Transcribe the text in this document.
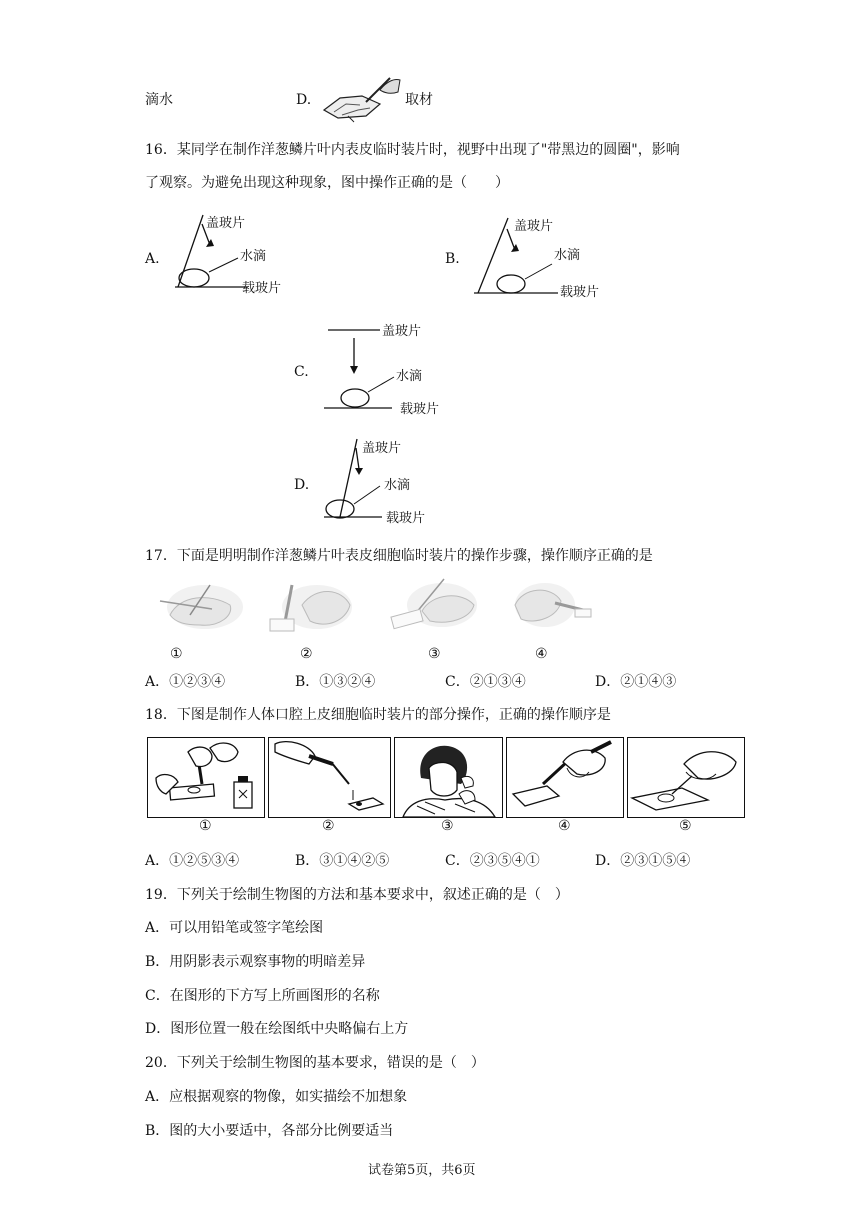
滴水	D.	取材
16．某同学在制作洋葱鳞片叶内表皮临时装片时，视野中出现了"带黑边的圆圈"，影响
了观察。为避免出现这种现象，图中操作正确的是（　　）
A.
盖玻片
水滴
载玻片
B.
盖玻片
水滴
载玻片
C.
盖玻片
水滴
载玻片
D.
盖玻片
水滴
载玻片
17．下面是明明制作洋葱鳞片叶表皮细胞临时装片的操作步骤，操作顺序正确的是
①	②	③	④
A．①②③④	B．①③②④	C．②①③④	D．②①④③
18．下图是制作人体口腔上皮细胞临时装片的部分操作，正确的操作顺序是
①	②	③	④	⑤
A．①②⑤③④	B．③①④②⑤	C．②③⑤④①	D．②③①⑤④
19．下列关于绘制生物图的方法和基本要求中，叙述正确的是（　）
A．可以用铅笔或签字笔绘图
B．用阴影表示观察事物的明暗差异
C．在图形的下方写上所画图形的名称
D．图形位置一般在绘图纸中央略偏右上方
20．下列关于绘制生物图的基本要求，错误的是（　）
A．应根据观察的物像，如实描绘不加想象
B．图的大小要适中，各部分比例要适当
试卷第5页，共6页
